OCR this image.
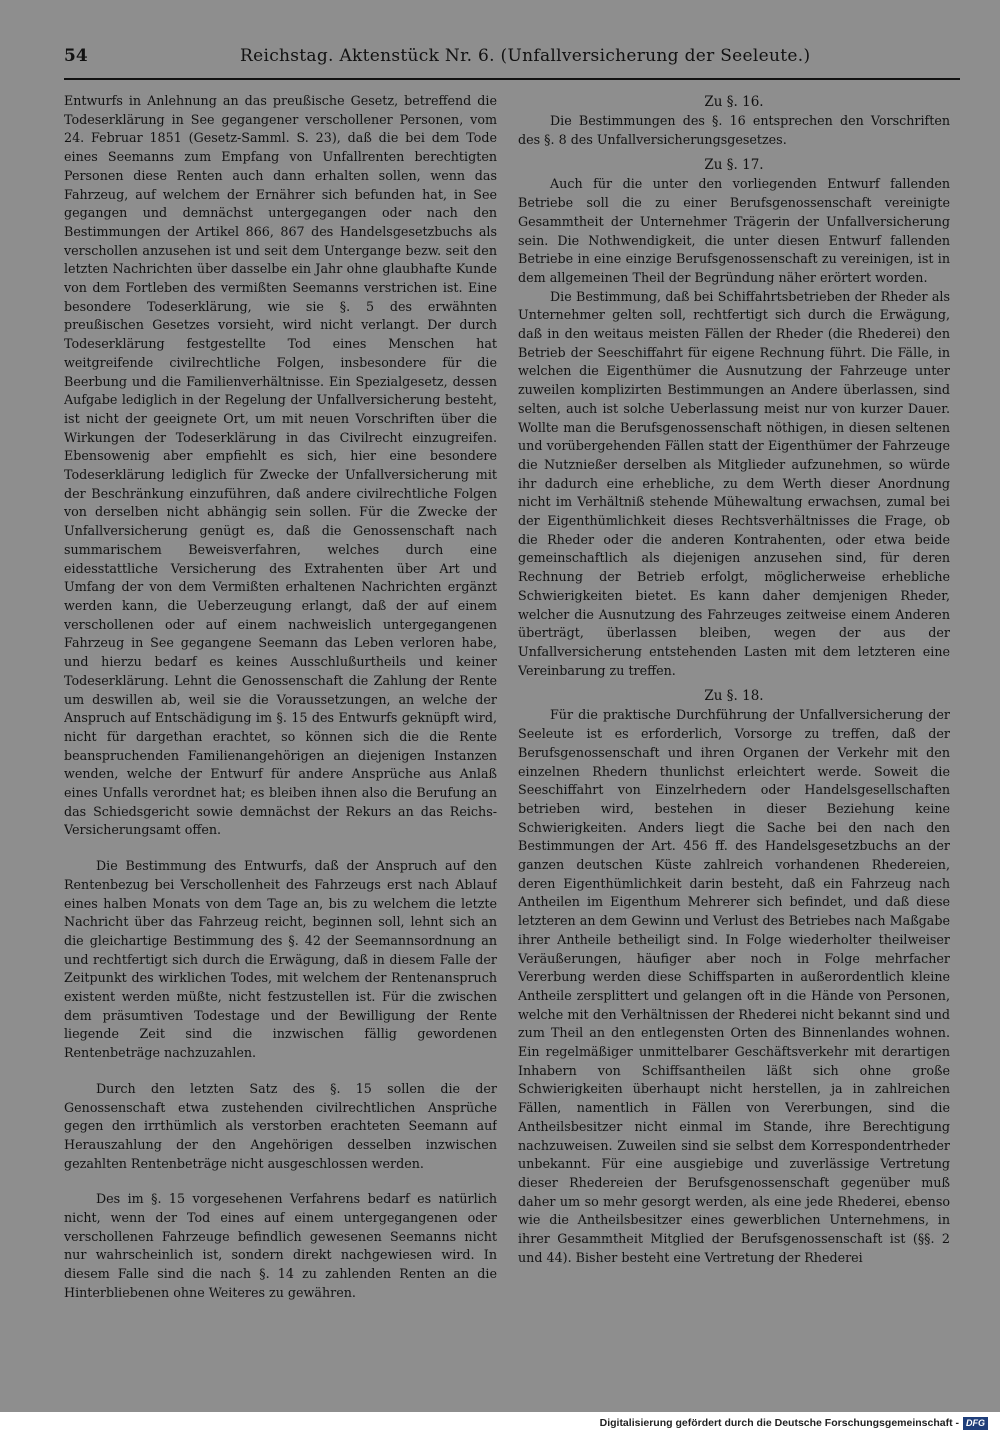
54	Reichstag. Aktenstück Nr. 6. (Unfallversicherung der Seeleute.)

Entwurfs in Anlehnung an das preußische Gesetz, betreffend die Todeserklärung in See gegangener verschollener Personen, vom 24. Februar 1851 (Gesetz-Samml. S. 23), daß die bei dem Tode eines Seemanns zum Empfang von Unfallrenten berechtigten Personen diese Renten auch dann erhalten sollen, wenn das Fahrzeug, auf welchem der Ernährer sich befunden hat, in See gegangen und demnächst untergegangen oder nach den Bestimmungen der Artikel 866, 867 des Handelsgesetzbuchs als verschollen anzusehen ist und seit dem Untergange bezw. seit den letzten Nachrichten über dasselbe ein Jahr ohne glaubhafte Kunde von dem Fortleben des vermißten Seemanns verstrichen ist. Eine besondere Todeserklärung, wie sie §. 5 des erwähnten preußischen Gesetzes vorsieht, wird nicht verlangt. Der durch Todeserklärung festgestellte Tod eines Menschen hat weitgreifende civilrechtliche Folgen, insbesondere für die Beerbung und die Familienverhältnisse. Ein Spezialgesetz, dessen Aufgabe lediglich in der Regelung der Unfallversicherung besteht, ist nicht der geeignete Ort, um mit neuen Vorschriften über die Wirkungen der Todeserklärung in das Civilrecht einzugreifen. Ebensowenig aber empfiehlt es sich, hier eine besondere Todeserklärung lediglich für Zwecke der Unfallversicherung mit der Beschränkung einzuführen, daß andere civilrechtliche Folgen von derselben nicht abhängig sein sollen. Für die Zwecke der Unfallversicherung genügt es, daß die Genossenschaft nach summarischem Beweisverfahren, welches durch eine eidesstattliche Versicherung des Extrahenten über Art und Umfang der von dem Vermißten erhaltenen Nachrichten ergänzt werden kann, die Ueberzeugung erlangt, daß der auf einem verschollenen oder auf einem nachweislich untergegangenen Fahrzeug in See gegangene Seemann das Leben verloren habe, und hierzu bedarf es keines Ausschlußurtheils und keiner Todeserklärung. Lehnt die Genossenschaft die Zahlung der Rente um deswillen ab, weil sie die Voraussetzungen, an welche der Anspruch auf Entschädigung im §. 15 des Entwurfs geknüpft wird, nicht für dargethan erachtet, so können sich die die Rente beanspruchenden Familienangehörigen an diejenigen Instanzen wenden, welche der Entwurf für andere Ansprüche aus Anlaß eines Unfalls verordnet hat; es bleiben ihnen also die Berufung an das Schiedsgericht sowie demnächst der Rekurs an das Reichs-Versicherungsamt offen.

Die Bestimmung des Entwurfs, daß der Anspruch auf den Rentenbezug bei Verschollenheit des Fahrzeugs erst nach Ablauf eines halben Monats von dem Tage an, bis zu welchem die letzte Nachricht über das Fahrzeug reicht, beginnen soll, lehnt sich an die gleichartige Bestimmung des §. 42 der Seemannsordnung an und rechtfertigt sich durch die Erwägung, daß in diesem Falle der Zeitpunkt des wirklichen Todes, mit welchem der Rentenanspruch existent werden müßte, nicht festzustellen ist. Für die zwischen dem präsumtiven Todestage und der Bewilligung der Rente liegende Zeit sind die inzwischen fällig gewordenen Rentenbeträge nachzuzahlen.

Durch den letzten Satz des §. 15 sollen die der Genossenschaft etwa zustehenden civilrechtlichen Ansprüche gegen den irrthümlich als verstorben erachteten Seemann auf Herauszahlung der den Angehörigen desselben inzwischen gezahlten Rentenbeträge nicht ausgeschlossen werden.

Des im §. 15 vorgesehenen Verfahrens bedarf es natürlich nicht, wenn der Tod eines auf einem untergegangenen oder verschollenen Fahrzeuge befindlich gewesenen Seemanns nicht nur wahrscheinlich ist, sondern direkt nachgewiesen wird. In diesem Falle sind die nach §. 14 zu zahlenden Renten an die Hinterbliebenen ohne Weiteres zu gewähren.

Zu §. 16.

Die Bestimmungen des §. 16 entsprechen den Vorschriften des §. 8 des Unfallversicherungsgesetzes.

Zu §. 17.

Auch für die unter den vorliegenden Entwurf fallenden Betriebe soll die zu einer Berufsgenossenschaft vereinigte Gesammtheit der Unternehmer Trägerin der Unfallversicherung sein. Die Nothwendigkeit, die unter diesen Entwurf fallenden Betriebe in eine einzige Berufsgenossenschaft zu vereinigen, ist in dem allgemeinen Theil der Begründung näher erörtert worden.

Die Bestimmung, daß bei Schiffahrtsbetrieben der Rheder als Unternehmer gelten soll, rechtfertigt sich durch die Erwägung, daß in den weitaus meisten Fällen der Rheder (die Rhederei) den Betrieb der Seeschiffahrt für eigene Rechnung führt. Die Fälle, in welchen die Eigenthümer die Ausnutzung der Fahrzeuge unter zuweilen komplizirten Bestimmungen an Andere überlassen, sind selten, auch ist solche Ueberlassung meist nur von kurzer Dauer. Wollte man die Berufsgenossenschaft nöthigen, in diesen seltenen und vorübergehenden Fällen statt der Eigenthümer der Fahrzeuge die Nutznießer derselben als Mitglieder aufzunehmen, so würde ihr dadurch eine erhebliche, zu dem Werth dieser Anordnung nicht im Verhältniß stehende Mühewaltung erwachsen, zumal bei der Eigenthümlichkeit dieses Rechtsverhältnisses die Frage, ob die Rheder oder die anderen Kontrahenten, oder etwa beide gemeinschaftlich als diejenigen anzusehen sind, für deren Rechnung der Betrieb erfolgt, möglicherweise erhebliche Schwierigkeiten bietet. Es kann daher demjenigen Rheder, welcher die Ausnutzung des Fahrzeuges zeitweise einem Anderen überträgt, überlassen bleiben, wegen der aus der Unfallversicherung entstehenden Lasten mit dem letzteren eine Vereinbarung zu treffen.

Zu §. 18.

Für die praktische Durchführung der Unfallversicherung der Seeleute ist es erforderlich, Vorsorge zu treffen, daß der Berufsgenossenschaft und ihren Organen der Verkehr mit den einzelnen Rhedern thunlichst erleichtert werde. Soweit die Seeschiffahrt von Einzelrhedern oder Handelsgesellschaften betrieben wird, bestehen in dieser Beziehung keine Schwierigkeiten. Anders liegt die Sache bei den nach den Bestimmungen der Art. 456 ff. des Handelsgesetzbuchs an der ganzen deutschen Küste zahlreich vorhandenen Rhedereien, deren Eigenthümlichkeit darin besteht, daß ein Fahrzeug nach Antheilen im Eigenthum Mehrerer sich befindet, und daß diese letzteren an dem Gewinn und Verlust des Betriebes nach Maßgabe ihrer Antheile betheiligt sind. In Folge wiederholter theilweiser Veräußerungen, häufiger aber noch in Folge mehrfacher Vererbung werden diese Schiffsparten in außerordentlich kleine Antheile zersplittert und gelangen oft in die Hände von Personen, welche mit den Verhältnissen der Rhederei nicht bekannt sind und zum Theil an den entlegensten Orten des Binnenlandes wohnen. Ein regelmäßiger unmittelbarer Geschäftsverkehr mit derartigen Inhabern von Schiffsantheilen läßt sich ohne große Schwierigkeiten überhaupt nicht herstellen, ja in zahlreichen Fällen, namentlich in Fällen von Vererbungen, sind die Antheilsbesitzer nicht einmal im Stande, ihre Berechtigung nachzuweisen. Zuweilen sind sie selbst dem Korrespondentrheder unbekannt. Für eine ausgiebige und zuverlässige Vertretung dieser Rhedereien der Berufsgenossenschaft gegenüber muß daher um so mehr gesorgt werden, als eine jede Rhederei, ebenso wie die Antheilsbesitzer eines gewerblichen Unternehmens, in ihrer Gesammtheit Mitglied der Berufsgenossenschaft ist (§§. 2 und 44). Bisher besteht eine Vertretung der Rhederei

Digitalisierung gefördert durch die Deutsche Forschungsgemeinschaft - DFG
